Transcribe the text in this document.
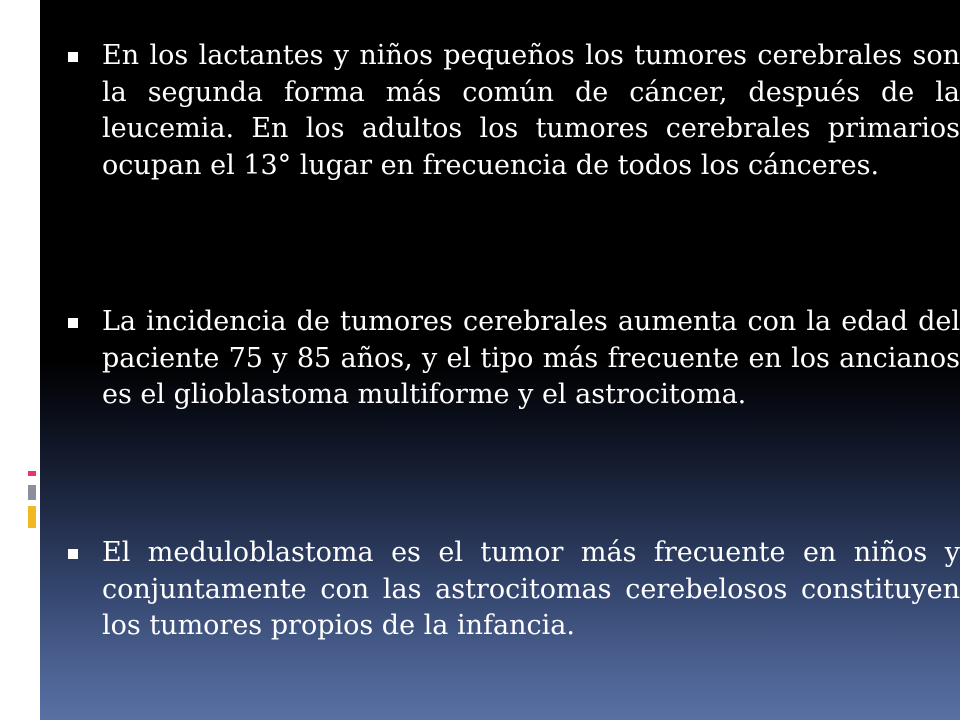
En los lactantes y niños pequeños los tumores cerebrales son la segunda forma más común de cáncer, después de la leucemia. En los adultos los tumores cerebrales primarios ocupan el 13° lugar en frecuencia de todos los cánceres.
La incidencia de tumores cerebrales aumenta con la edad del paciente 75 y 85 años, y el tipo más frecuente en los ancianos es el glioblastoma multiforme y el astrocitoma.
El meduloblastoma es el tumor más frecuente en niños y conjuntamente con las astrocitomas cerebelosos constituyen los tumores propios de la infancia.
